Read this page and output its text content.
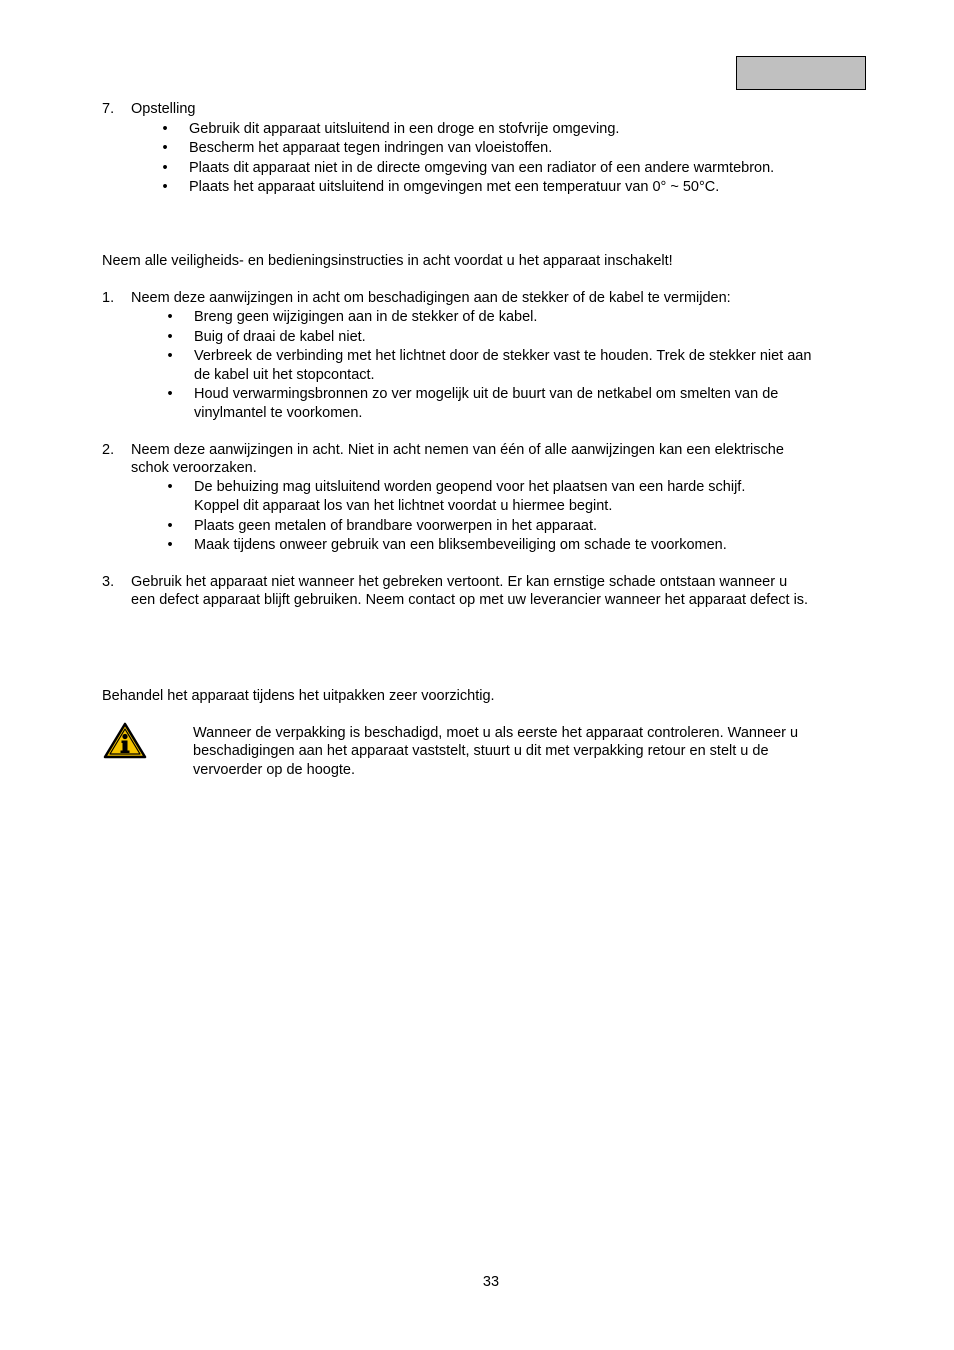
7.	Opstelling
• Gebruik dit apparaat uitsluitend in een droge en stofvrije omgeving.
• Bescherm het apparaat tegen indringen van vloeistoffen.
• Plaats dit apparaat niet in de directe omgeving van een radiator of een andere warmtebron.
• Plaats het apparaat uitsluitend in omgevingen met een temperatuur van 0° ~ 50°C.
Neem alle veiligheids- en bedieningsinstructies in acht voordat u het apparaat inschakelt!
1.	Neem deze aanwijzingen in acht om beschadigingen aan de stekker of de kabel te vermijden:
• Breng geen wijzigingen aan in de stekker of de kabel.
• Buig of draai de kabel niet.
• Verbreek de verbinding met het lichtnet door de stekker vast te houden. Trek de stekker niet aan
de kabel uit het stopcontact.
• Houd verwarmingsbronnen zo ver mogelijk uit de buurt van de netkabel om smelten van de
vinylmantel te voorkomen.
2.	Neem deze aanwijzingen in acht. Niet in acht nemen van één of alle aanwijzingen kan een elektrische
schok veroorzaken.
• De behuizing mag uitsluitend worden geopend voor het plaatsen van een harde schijf.
Koppel dit apparaat los van het lichtnet voordat u hiermee begint.
• Plaats geen metalen of brandbare voorwerpen in het apparaat.
• Maak tijdens onweer gebruik van een bliksembeveiliging om schade te voorkomen.
3.	Gebruik het apparaat niet wanneer het gebreken vertoont. Er kan ernstige schade ontstaan wanneer u
een defect apparaat blijft gebruiken. Neem contact op met uw leverancier wanneer het apparaat defect is.
Behandel het apparaat tijdens het uitpakken zeer voorzichtig.
Wanneer de verpakking is beschadigd, moet u als eerste het apparaat controleren. Wanneer u
beschadigingen aan het apparaat vaststelt, stuurt u dit met verpakking retour en stelt u de
vervoerder op de hoogte.
33
